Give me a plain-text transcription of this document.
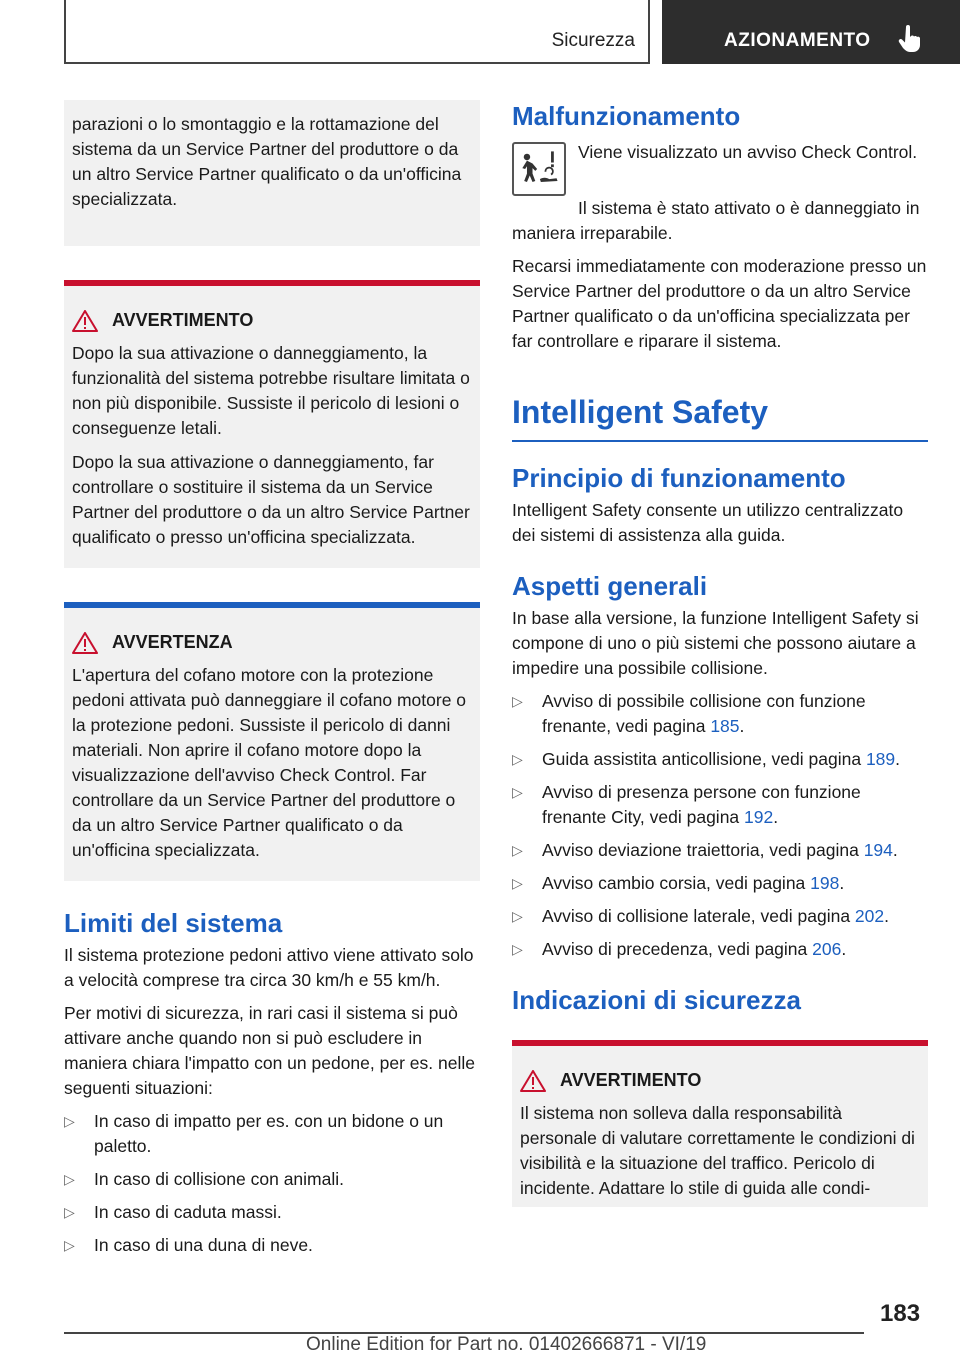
Sicurezza	AZIONAMENTO

parazioni o lo smontaggio e la rottamazione del sistema da un Service Partner del produttore o da un altro Service Partner qualificato o da un'officina specializzata.

AVVERTIMENTO

Dopo la sua attivazione o danneggiamento, la funzionalità del sistema potrebbe risultare limitata o non più disponibile. Sussiste il pericolo di lesioni o conseguenze letali.

Dopo la sua attivazione o danneggiamento, far controllare o sostituire il sistema da un Service Partner del produttore o da un altro Service Partner qualificato o presso un'officina specializzata.

AVVERTENZA

L'apertura del cofano motore con la protezione pedoni attivata può danneggiare il cofano motore o la protezione pedoni. Sussiste il pericolo di danni materiali. Non aprire il cofano motore dopo la visualizzazione dell'avviso Check Control. Far controllare da un Service Partner del produttore o da un altro Service Partner qualificato o da un'officina specializzata.

Limiti del sistema

Il sistema protezione pedoni attivo viene attivato solo a velocità comprese tra circa 30 km/h e 55 km/h.

Per motivi di sicurezza, in rari casi il sistema si può attivare anche quando non si può escludere in maniera chiara l'impatto con un pedone, per es. nelle seguenti situazioni:

▷ In caso di impatto per es. con un bidone o un paletto.
▷ In caso di collisione con animali.
▷ In caso di caduta massi.
▷ In caso di una duna di neve.
Malfunzionamento

Viene visualizzato un avviso Check Control.

Il sistema è stato attivato o è danneggiato in maniera irreparabile.

Recarsi immediatamente con moderazione presso un Service Partner del produttore o da un altro Service Partner qualificato o da un'officina specializzata per far controllare e riparare il sistema.

Intelligent Safety
Principio di funzionamento

Intelligent Safety consente un utilizzo centralizzato dei sistemi di assistenza alla guida.

Aspetti generali

In base alla versione, la funzione Intelligent Safety si compone di uno o più sistemi che possono aiutare a impedire una possibile collisione.

▷ Avviso di possibile collisione con funzione frenante, vedi pagina 185.
▷ Guida assistita anticollisione, vedi pagina 189.
▷ Avviso di presenza persone con funzione frenante City, vedi pagina 192.
▷ Avviso deviazione traiettoria, vedi pagina 194.
▷ Avviso cambio corsia, vedi pagina 198.
▷ Avviso di collisione laterale, vedi pagina 202.
▷ Avviso di precedenza, vedi pagina 206.
Indicazioni di sicurezza
AVVERTIMENTO

Il sistema non solleva dalla responsabilità personale di valutare correttamente le condizioni di visibilità e la situazione del traffico. Pericolo di incidente. Adattare lo stile di guida alle condi-

183
Online Edition for Part no. 01402666871 - VI/19
